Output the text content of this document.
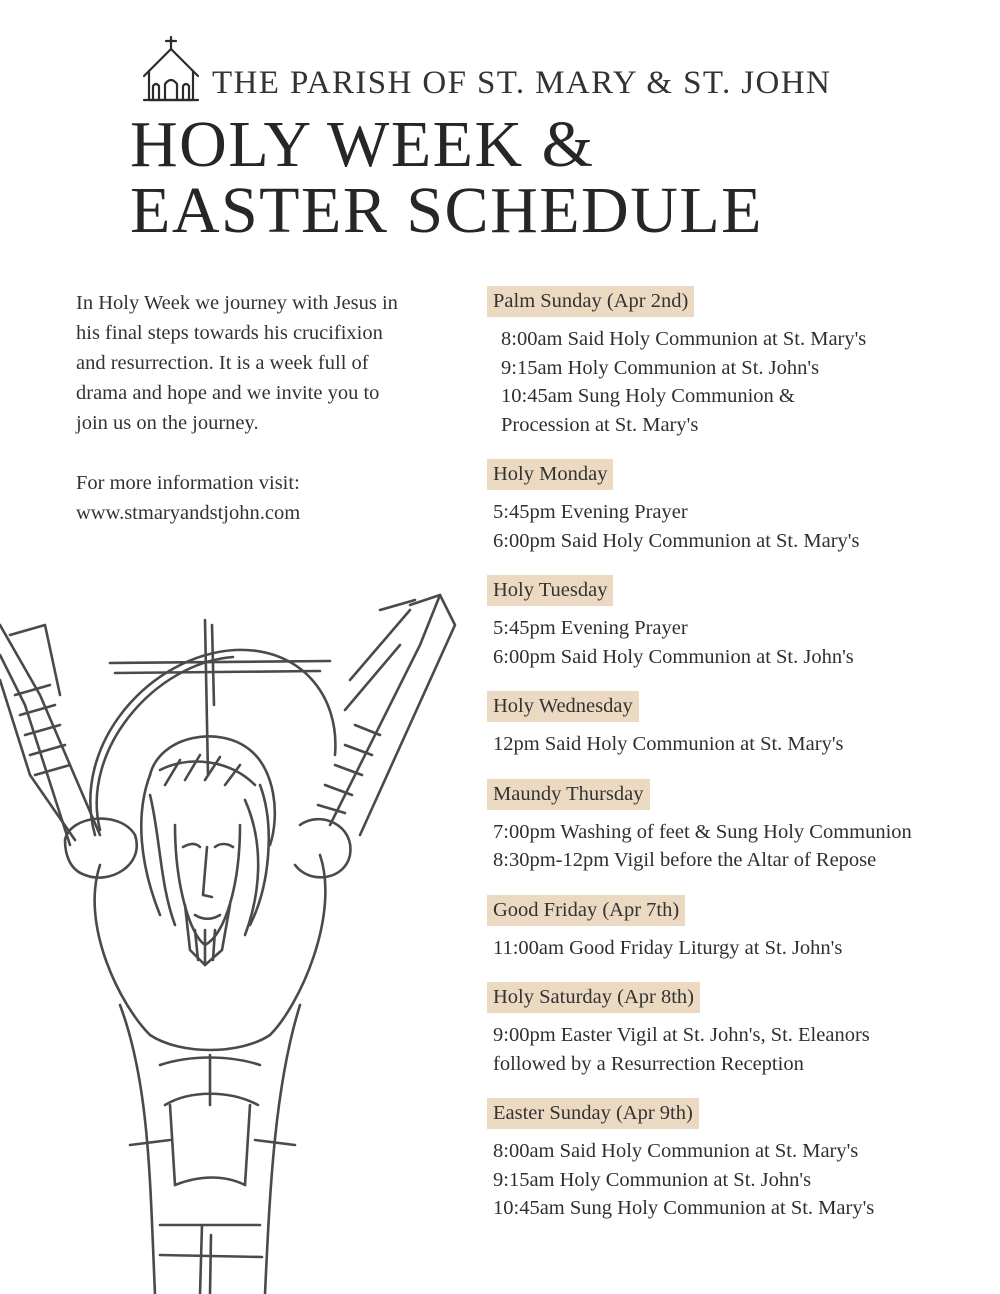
THE PARISH OF ST. MARY & ST. JOHN
HOLY WEEK &
EASTER SCHEDULE

In Holy Week we journey with Jesus in his final steps towards his crucifixion and resurrection. It is a week full of drama and hope and we invite you to join us on the journey.

For more information visit:

www.stmaryandstjohn.com

Palm Sunday (Apr 2nd)
8:00am Said Holy Communion at St. Mary's
9:15am Holy Communion at St. John's
10:45am Sung Holy Communion &
Procession at St. Mary's
Holy Monday
5:45pm Evening Prayer
6:00pm Said Holy Communion at St. Mary's
Holy Tuesday
5:45pm Evening Prayer
6:00pm Said Holy Communion at St. John's
Holy Wednesday
12pm Said Holy Communion at St. Mary's
Maundy Thursday
7:00pm Washing of feet & Sung Holy Communion
8:30pm-12pm Vigil before the Altar of Repose
Good Friday (Apr 7th)
11:00am Good Friday Liturgy at St. John's
Holy Saturday (Apr 8th)
9:00pm Easter Vigil at St. John's, St. Eleanors
followed by a Resurrection Reception
Easter Sunday (Apr 9th)
8:00am Said Holy Communion at St. Mary's
9:15am Holy Communion at St. John's
10:45am Sung Holy Communion at St. Mary's
